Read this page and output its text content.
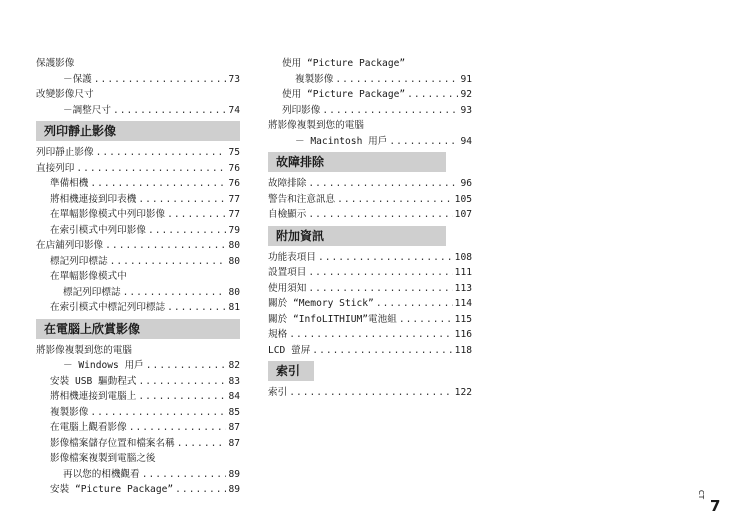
保護影像
－保護 .....	73
改變影像尺寸
－調整尺寸 .....	74
列印靜止影像
列印靜止影像 .....	75
直接列印 .....	76
準備相機 .....	76
將相機連接到印表機 .....	77
在單幅影像模式中列印影像 .....	77
在索引模式中列印影像 .....	79
在店舖列印影像 .....	80
標記列印標誌 .....	80
在單幅影像模式中
標記列印標誌 .....	80
在索引模式中標記列印標誌 .....	81
在電腦上欣賞影像
將影像複製到您的電腦
－ Windows 用戶 .....	82
安裝 USB 驅動程式 .....	83
將相機連接到電腦上 .....	84
複製影像 .....	85
在電腦上觀看影像 .....	87
影像檔案儲存位置和檔案名稱 .....	87
影像檔案複製到電腦之後
再以您的相機觀看 .....	89
安裝 “Picture Package” .....	89
使用 “Picture Package”
複製影像 .....	91
使用 “Picture Package” .....	92
列印影像 .....	93
將影像複製到您的電腦
－ Macintosh 用戶 .....	94
故障排除
故障排除 .....	96
警告和注意訊息 .....	105
自檢顯示 .....	107
附加資訊
功能表項目 .....	108
設置項目 .....	111
使用須知 .....	113
關於 “Memory Stick” .....	114
關於 “InfoLITHIUM”電池組 .....	115
規格 .....	116
LCD 螢屏 .....	118
索引
索引 .....	122
CT
7
